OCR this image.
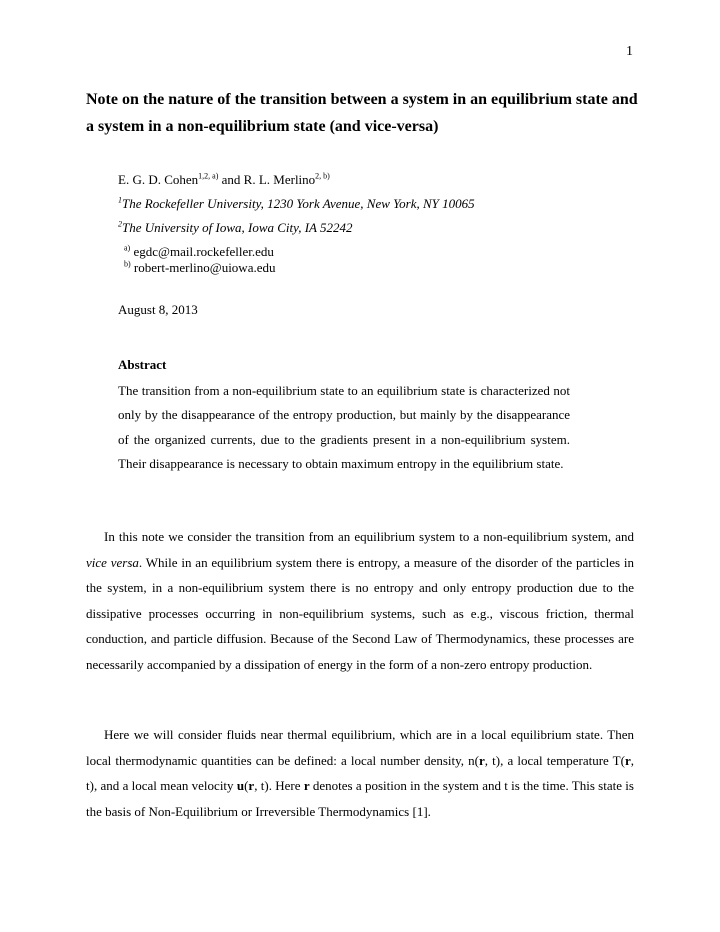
1
Note on the nature of the transition between a system in an equilibrium state and a system in a non-equilibrium state (and vice-versa)
E. G. D. Cohen$^{1,2, a)}$ and R. L. Merlino$^{2, b)}$
$^1$The Rockefeller University, 1230 York Avenue, New York, NY 10065
$^2$The University of Iowa, Iowa City, IA 52242
$^{a)}$ egdc@mail.rockefeller.edu
$^{b)}$ robert-merlino@uiowa.edu
August 8, 2013
Abstract

The transition from a non-equilibrium state to an equilibrium state is characterized not only by the disappearance of the entropy production, but mainly by the disappearance of the organized currents, due to the gradients present in a non-equilibrium system. Their disappearance is necessary to obtain maximum entropy in the equilibrium state.

In this note we consider the transition from an equilibrium system to a non-equilibrium system, and vice versa. While in an equilibrium system there is entropy, a measure of the disorder of the particles in the system, in a non-equilibrium system there is no entropy and only entropy production due to the dissipative processes occurring in non-equilibrium systems, such as e.g., viscous friction, thermal conduction, and particle diffusion. Because of the Second Law of Thermodynamics, these processes are necessarily accompanied by a dissipation of energy in the form of a non-zero entropy production.

Here we will consider fluids near thermal equilibrium, which are in a local equilibrium state. Then local thermodynamic quantities can be defined: a local number density, n(r, t), a local temperature T(r, t), and a local mean velocity u(r, t). Here r denotes a position in the system and t is the time. This state is the basis of Non-Equilibrium or Irreversible Thermodynamics [1].
